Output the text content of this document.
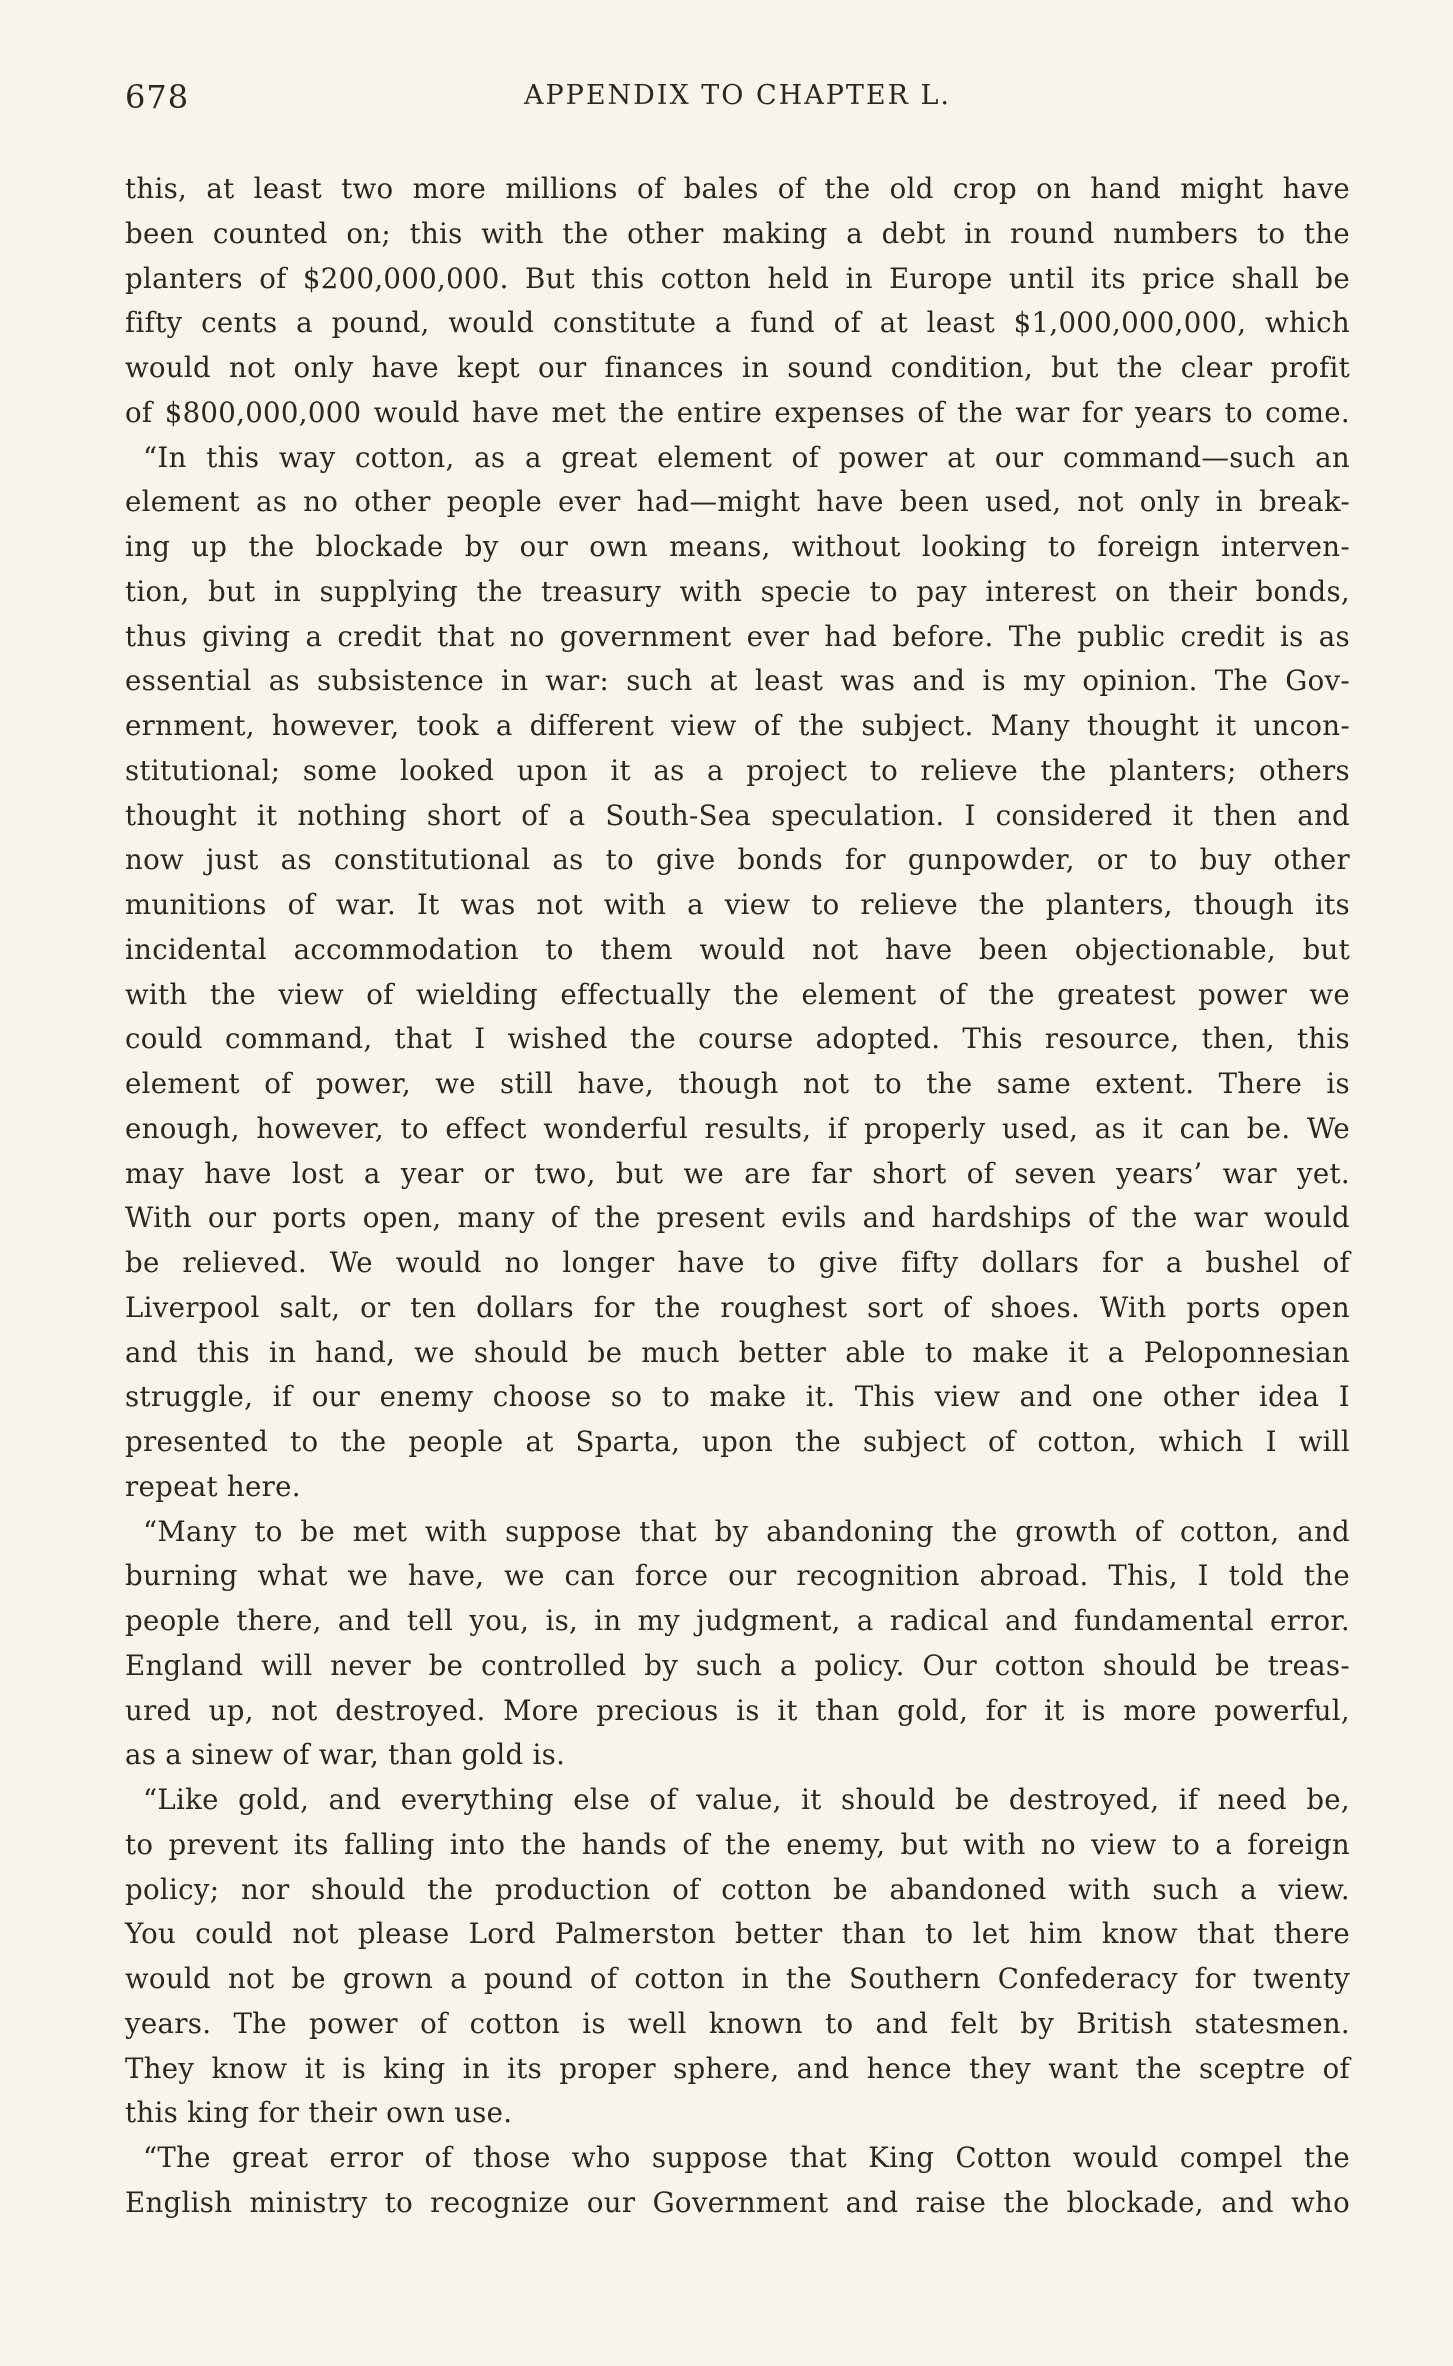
678	APPENDIX TO CHAPTER L.
this, at least two more millions of bales of the old crop on hand might have
been counted on; this with the other making a debt in round numbers to the
planters of $200,000,000. But this cotton held in Europe until its price shall be
fifty cents a pound, would constitute a fund of at least $1,000,000,000, which
would not only have kept our finances in sound condition, but the clear profit
of $800,000,000 would have met the entire expenses of the war for years to come.
“In this way cotton, as a great element of power at our command—such an
element as no other people ever had—might have been used, not only in break-
ing up the blockade by our own means, without looking to foreign interven-
tion, but in supplying the treasury with specie to pay interest on their bonds,
thus giving a credit that no government ever had before. The public credit is as
essential as subsistence in war: such at least was and is my opinion. The Gov-
ernment, however, took a different view of the subject. Many thought it uncon-
stitutional; some looked upon it as a project to relieve the planters; others
thought it nothing short of a South-Sea speculation. I considered it then and
now just as constitutional as to give bonds for gunpowder, or to buy other
munitions of war. It was not with a view to relieve the planters, though its
incidental accommodation to them would not have been objectionable, but
with the view of wielding effectually the element of the greatest power we
could command, that I wished the course adopted. This resource, then, this
element of power, we still have, though not to the same extent. There is
enough, however, to effect wonderful results, if properly used, as it can be. We
may have lost a year or two, but we are far short of seven years’ war yet.
With our ports open, many of the present evils and hardships of the war would
be relieved. We would no longer have to give fifty dollars for a bushel of
Liverpool salt, or ten dollars for the roughest sort of shoes. With ports open
and this in hand, we should be much better able to make it a Peloponnesian
struggle, if our enemy choose so to make it. This view and one other idea I
presented to the people at Sparta, upon the subject of cotton, which I will
repeat here.
“Many to be met with suppose that by abandoning the growth of cotton, and
burning what we have, we can force our recognition abroad. This, I told the
people there, and tell you, is, in my judgment, a radical and fundamental error.
England will never be controlled by such a policy. Our cotton should be treas-
ured up, not destroyed. More precious is it than gold, for it is more powerful,
as a sinew of war, than gold is.
“Like gold, and everything else of value, it should be destroyed, if need be,
to prevent its falling into the hands of the enemy, but with no view to a foreign
policy; nor should the production of cotton be abandoned with such a view.
You could not please Lord Palmerston better than to let him know that there
would not be grown a pound of cotton in the Southern Confederacy for twenty
years. The power of cotton is well known to and felt by British statesmen.
They know it is king in its proper sphere, and hence they want the sceptre of
this king for their own use.
“The great error of those who suppose that King Cotton would compel the
English ministry to recognize our Government and raise the blockade, and who
